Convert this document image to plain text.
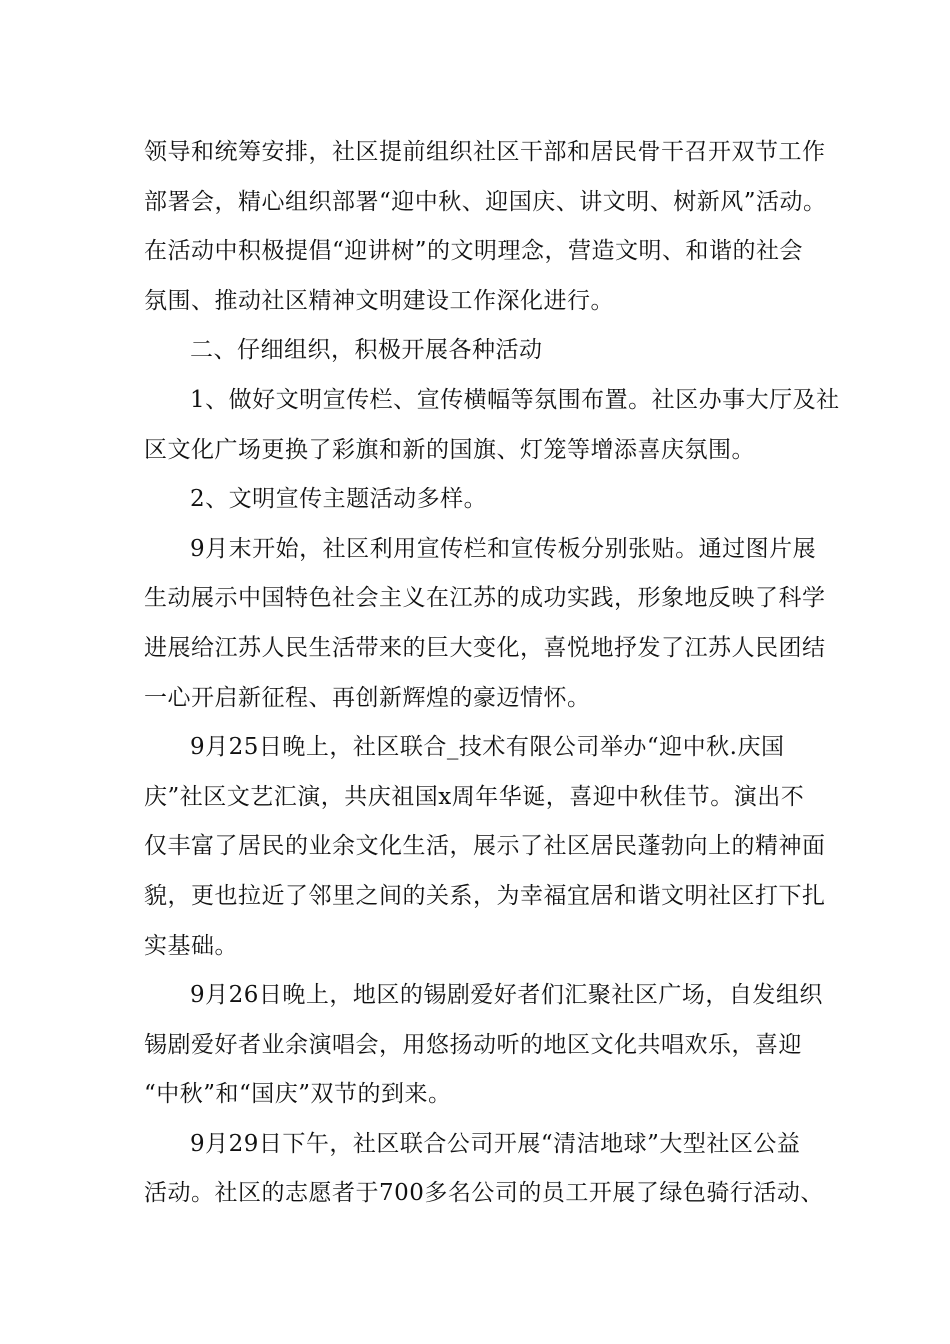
领导和统筹安排，社区提前组织社区干部和居民骨干召开双节工作
部署会，精心组织部署“迎中秋、迎国庆、讲文明、树新风”活动。
在活动中积极提倡“迎讲树”的文明理念，营造文明、和谐的社会
氛围、推动社区精神文明建设工作深化进行。
二、仔细组织，积极开展各种活动
1、做好文明宣传栏、宣传横幅等氛围布置。社区办事大厅及社
区文化广场更换了彩旗和新的国旗、灯笼等增添喜庆氛围。
2、文明宣传主题活动多样。
9月末开始，社区利用宣传栏和宣传板分别张贴。通过图片展
生动展示中国特色社会主义在江苏的成功实践，形象地反映了科学
进展给江苏人民生活带来的巨大变化，喜悦地抒发了江苏人民团结
一心开启新征程、再创新辉煌的豪迈情怀。
9月25日晚上，社区联合_技术有限公司举办“迎中秋.庆国
庆”社区文艺汇演，共庆祖国x周年华诞，喜迎中秋佳节。演出不
仅丰富了居民的业余文化生活，展示了社区居民蓬勃向上的精神面
貌，更也拉近了邻里之间的关系，为幸福宜居和谐文明社区打下扎
实基础。
9月26日晚上，地区的锡剧爱好者们汇聚社区广场，自发组织
锡剧爱好者业余演唱会，用悠扬动听的地区文化共唱欢乐，喜迎
“中秋”和“国庆”双节的到来。
9月29日下午，社区联合公司开展“清洁地球”大型社区公益
活动。社区的志愿者于700多名公司的员工开展了绿色骑行活动、
